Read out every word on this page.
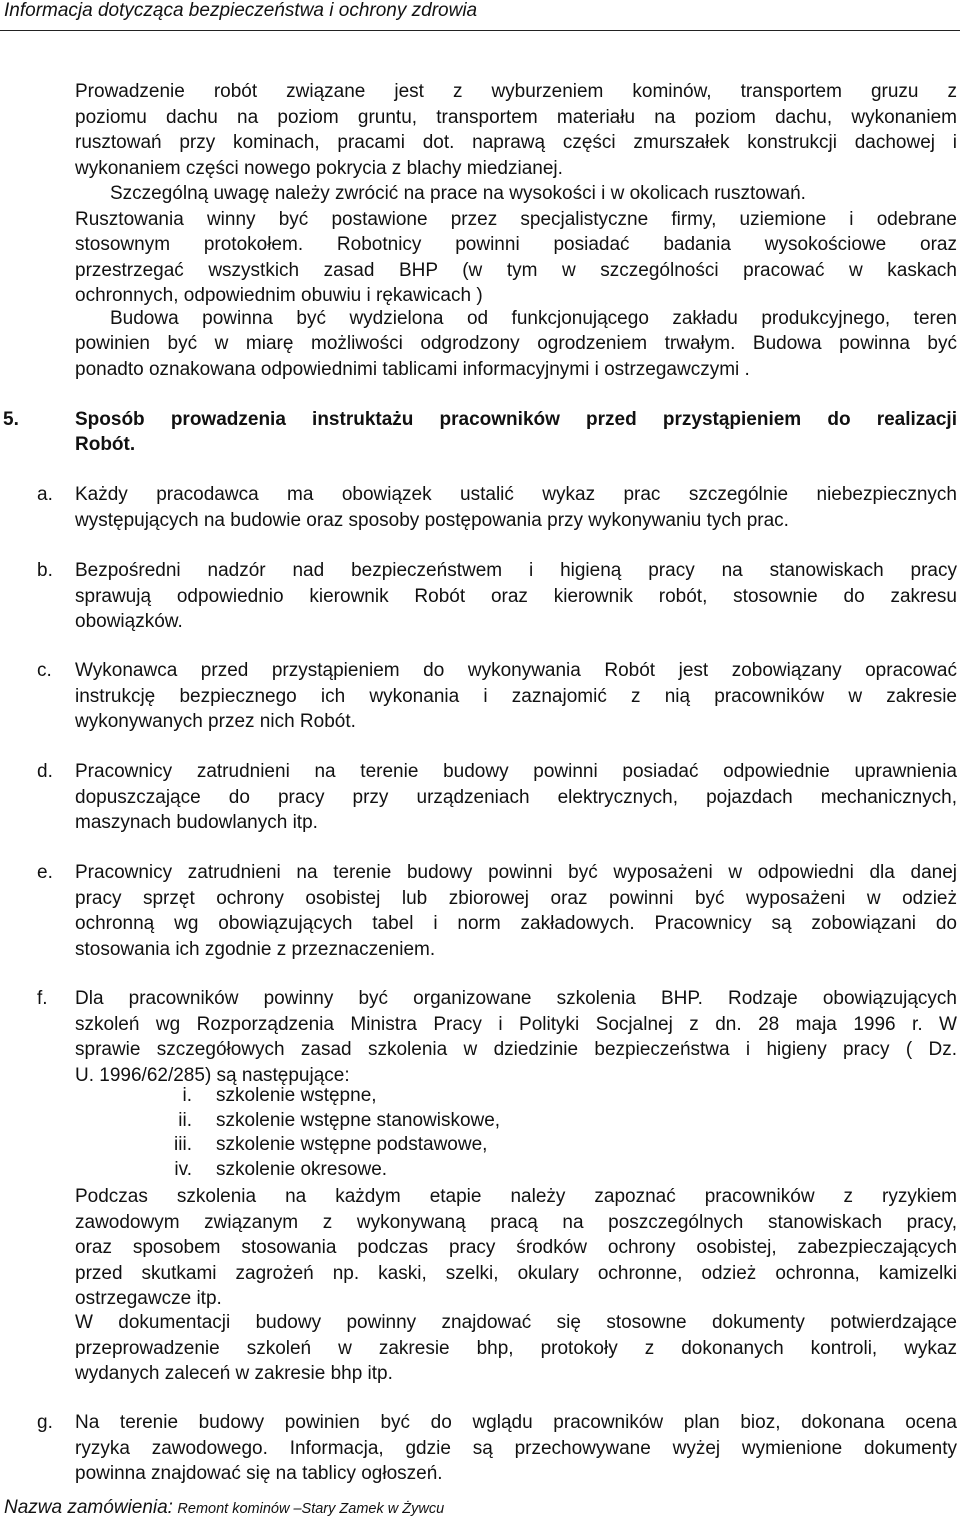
Informacja dotycząca bezpieczeństwa i ochrony zdrowia
Prowadzenie robót związane jest z wyburzeniem kominów, transportem gruzu z
poziomu dachu na poziom gruntu, transportem materiału na poziom dachu, wykonaniem
rusztowań przy kominach, pracami dot. naprawą części zmurszałek konstrukcji dachowej i
wykonaniem części nowego pokrycia z blachy miedzianej.
Szczególną uwagę należy zwrócić na prace na wysokości i w okolicach rusztowań.
Rusztowania winny być postawione przez specjalistyczne firmy, uziemione i odebrane
stosownym protokołem. Robotnicy powinni posiadać badania wysokościowe oraz
przestrzegać wszystkich zasad BHP (w tym w szczególności pracować w kaskach
ochronnych, odpowiednim obuwiu i rękawicach )
Budowa powinna być wydzielona od funkcjonującego zakładu produkcyjnego, teren
powinien być w miarę możliwości odgrodzony ogrodzeniem trwałym. Budowa powinna być
ponadto oznakowana odpowiednimi tablicami informacyjnymi i ostrzegawczymi .
5.	Sposób prowadzenia instruktażu pracowników przed przystąpieniem do realizacji
Robót.
a. Każdy pracodawca ma obowiązek ustalić wykaz prac szczególnie niebezpiecznych
występujących na budowie oraz sposoby postępowania przy wykonywaniu tych prac.
b. Bezpośredni nadzór nad bezpieczeństwem i higieną pracy na stanowiskach pracy
sprawują odpowiednio kierownik Robót oraz kierownik robót, stosownie do zakresu
obowiązków.
c. Wykonawca przed przystąpieniem do wykonywania Robót jest zobowiązany opracować
instrukcję bezpiecznego ich wykonania i zaznajomić z nią pracowników w zakresie
wykonywanych przez nich Robót.
d. Pracownicy zatrudnieni na terenie budowy powinni posiadać odpowiednie uprawnienia
dopuszczające do pracy przy urządzeniach elektrycznych, pojazdach mechanicznych,
maszynach budowlanych itp.
e. Pracownicy zatrudnieni na terenie budowy powinni być wyposażeni w odpowiedni dla danej
pracy sprzęt ochrony osobistej lub zbiorowej oraz powinni być wyposażeni w odzież
ochronną wg obowiązujących tabel i norm zakładowych. Pracownicy są zobowiązani do
stosowania ich zgodnie z przeznaczeniem.
f. Dla pracowników powinny być organizowane szkolenia BHP. Rodzaje obowiązujących
szkoleń wg Rozporządzenia Ministra Pracy i Polityki Socjalnej z dn. 28 maja 1996 r. W
sprawie szczegółowych zasad szkolenia w dziedzinie bezpieczeństwa i higieny pracy ( Dz.
U. 1996/62/285) są następujące:
i. szkolenie wstępne,
ii. szkolenie wstępne stanowiskowe,
iii. szkolenie wstępne podstawowe,
iv. szkolenie okresowe.
Podczas szkolenia na każdym etapie należy zapoznać pracowników z ryzykiem
zawodowym związanym z wykonywaną pracą na poszczególnych stanowiskach pracy,
oraz sposobem stosowania podczas pracy środków ochrony osobistej, zabezpieczających
przed skutkami zagrożeń np. kaski, szelki, okulary ochronne, odzież ochronna, kamizelki
ostrzegawcze itp.
W dokumentacji budowy powinny znajdować się stosowne dokumenty potwierdzające
przeprowadzenie szkoleń w zakresie bhp, protokoły z dokonanych kontroli, wykaz
wydanych zaleceń w zakresie bhp itp.
g. Na terenie budowy powinien być do wglądu pracowników plan bioz, dokonana ocena
ryzyka zawodowego. Informacja, gdzie są przechowywane wyżej wymienione dokumenty
powinna znajdować się na tablicy ogłoszeń.
Nazwa zamówienia: Remont kominów –Stary Zamek w Żywcu
